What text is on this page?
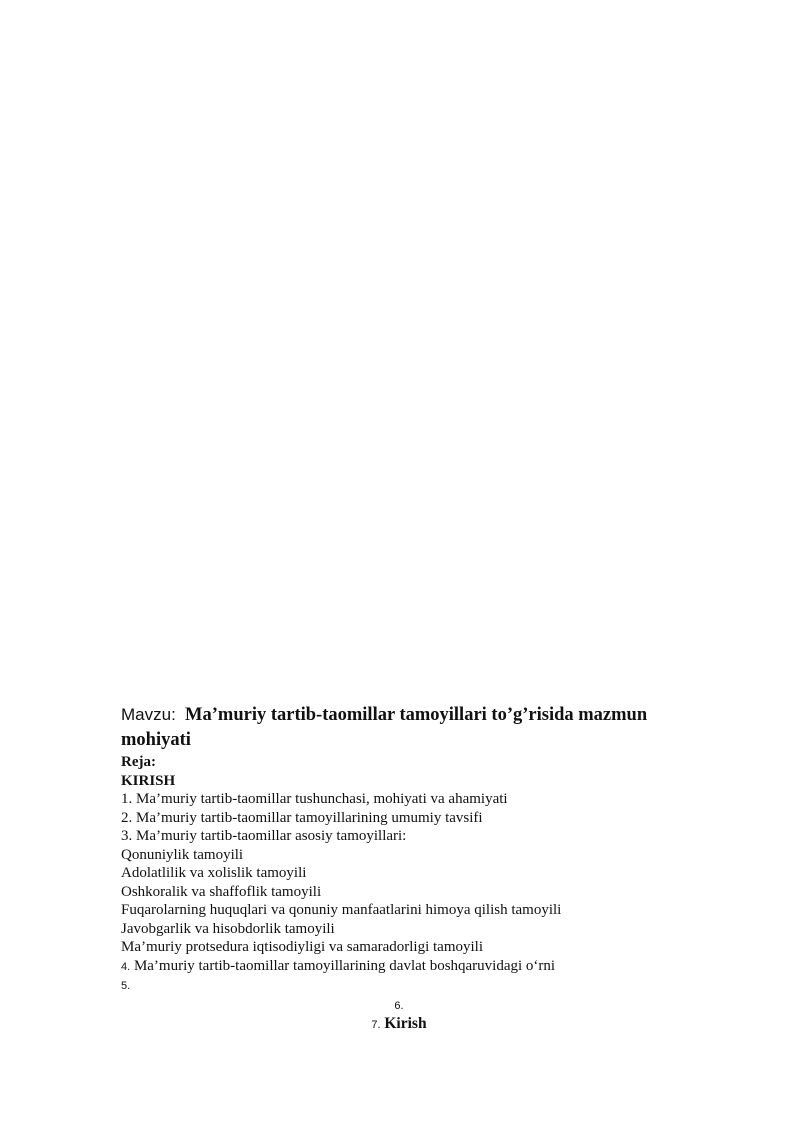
Mavzu: Ma’muriy tartib-taomillar tamoyillari to’g’risida mazmun mohiyati
Reja:
KIRISH
1. Ma’muriy tartib-taomillar tushunchasi, mohiyati va ahamiyati
2. Ma’muriy tartib-taomillar tamoyillarining umumiy tavsifi
3. Ma’muriy tartib-taomillar asosiy tamoyillari:
Qonuniylik tamoyili
Adolatlilik va xolislik tamoyili
Oshkoralik va shaffoflik tamoyili
Fuqarolarning huquqlari va qonuniy manfaatlarini himoya qilish tamoyili
Javobgarlik va hisobdorlik tamoyili
Ma’muriy protsedura iqtisodiyligi va samaradorligi tamoyili
4. Ma’muriy tartib-taomillar tamoyillarining davlat boshqaruvidagi o‘rni
5.
6.
7. Kirish
